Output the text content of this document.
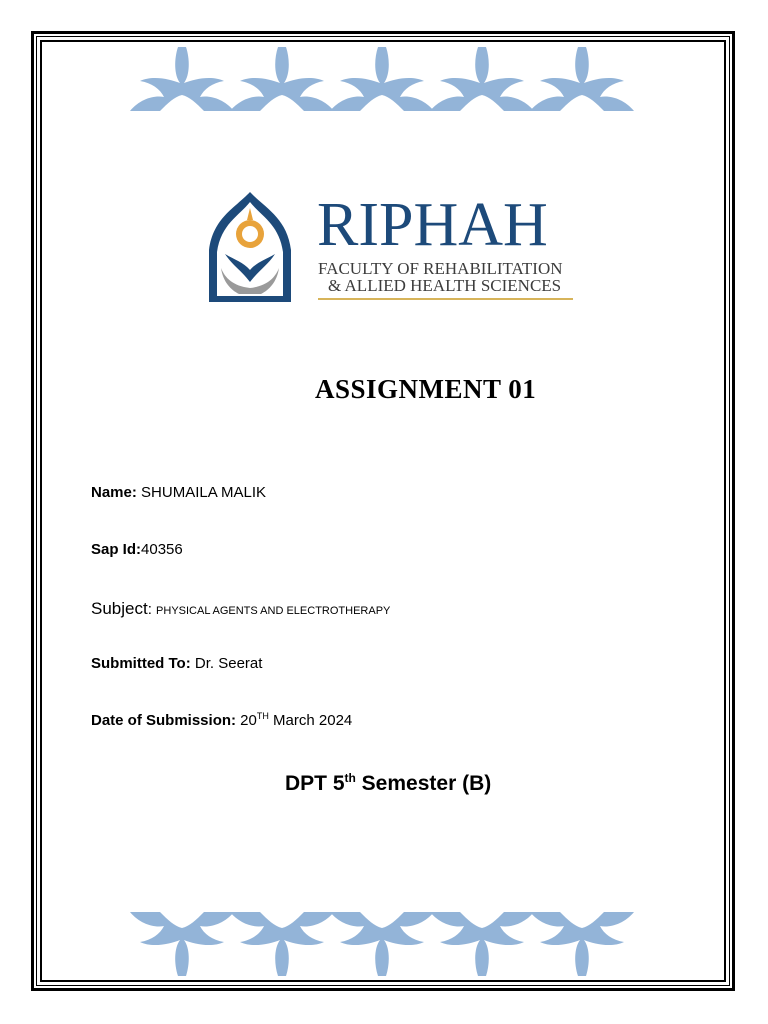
RIPHAH
FACULTY OF REHABILITATION
& ALLIED HEALTH SCIENCES
ASSIGNMENT 01
Name: SHUMAILA MALIK
Sap Id:40356
Subject: PHYSICAL AGENTS AND ELECTROTHERAPY
Submitted To: Dr. Seerat
Date of Submission: 20TH March 2024
DPT 5th Semester (B)
